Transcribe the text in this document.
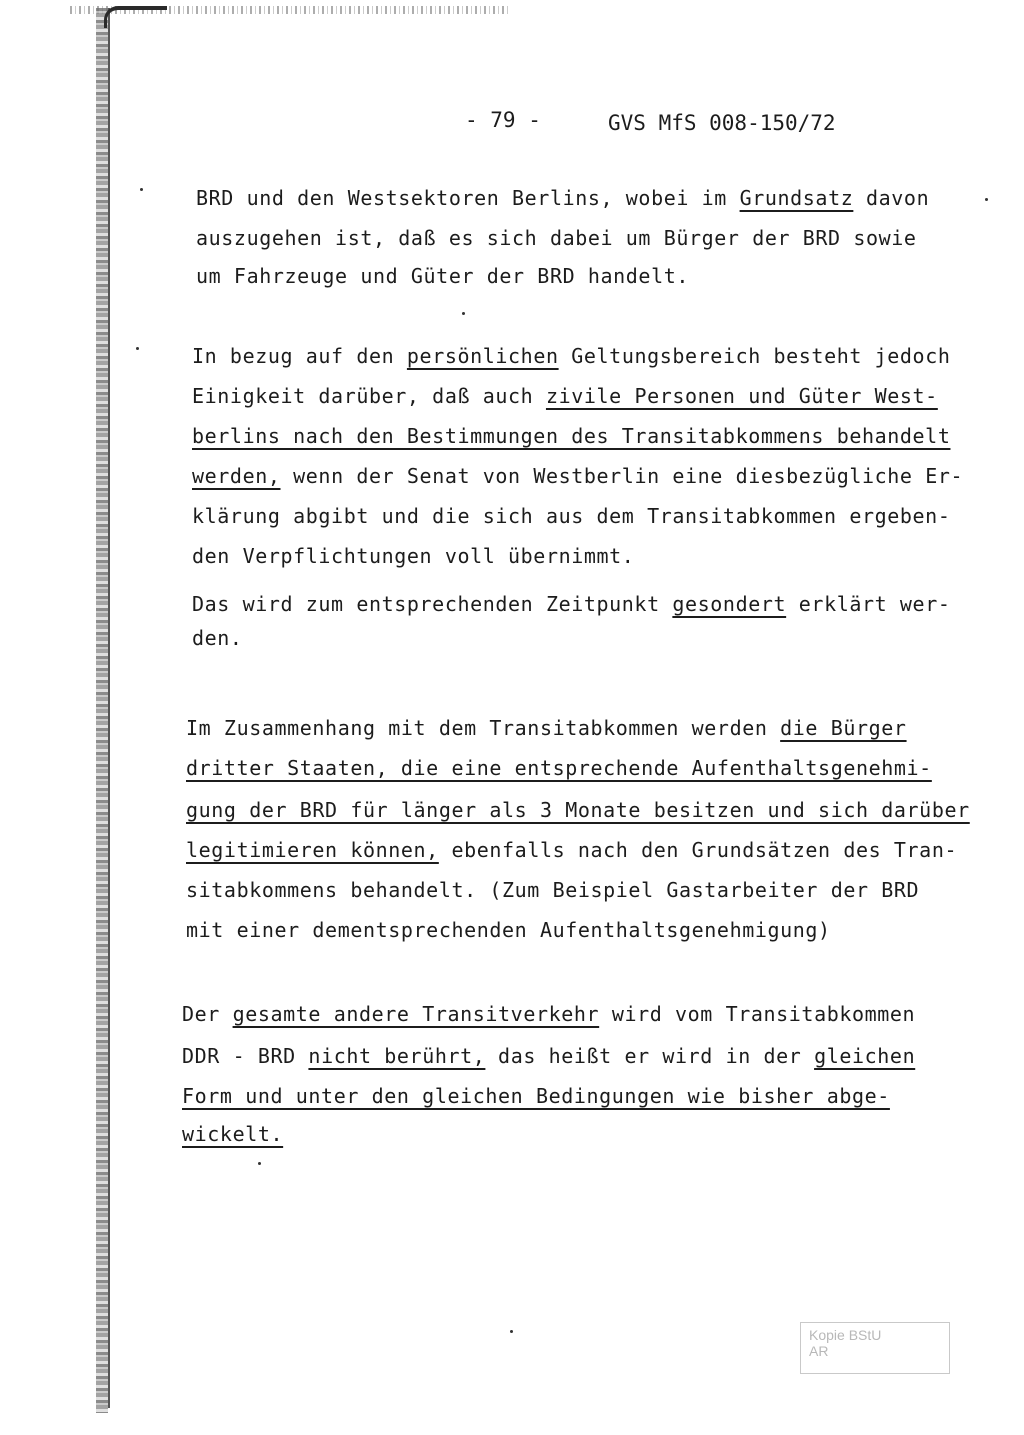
- 79 -	GVS MfS 008-150/72
BRD und den Westsektoren Berlins, wobei im Grundsatz davon
auszugehen ist, daß es sich dabei um Bürger der BRD sowie
um Fahrzeuge und Güter der BRD handelt.
In bezug auf den persönlichen Geltungsbereich besteht jedoch
Einigkeit darüber, daß auch zivile Personen und Güter West-
berlins nach den Bestimmungen des Transitabkommens behandelt
werden, wenn der Senat von Westberlin eine diesbezügliche Er-
klärung abgibt und die sich aus dem Transitabkommen ergeben-
den Verpflichtungen voll übernimmt.
Das wird zum entsprechenden Zeitpunkt gesondert erklärt wer-
den.
Im Zusammenhang mit dem Transitabkommen werden die Bürger
dritter Staaten, die eine entsprechende Aufenthaltsgenehmi-
gung der BRD für länger als 3 Monate besitzen und sich darüber
legitimieren können, ebenfalls nach den Grundsätzen des Tran-
sitabkommens behandelt. (Zum Beispiel Gastarbeiter der BRD
mit einer dementsprechenden Aufenthaltsgenehmigung)
Der gesamte andere Transitverkehr wird vom Transitabkommen
DDR - BRD nicht berührt, das heißt er wird in der gleichen
Form und unter den gleichen Bedingungen wie bisher abge-
wickelt.
Kopie BStU
AR
